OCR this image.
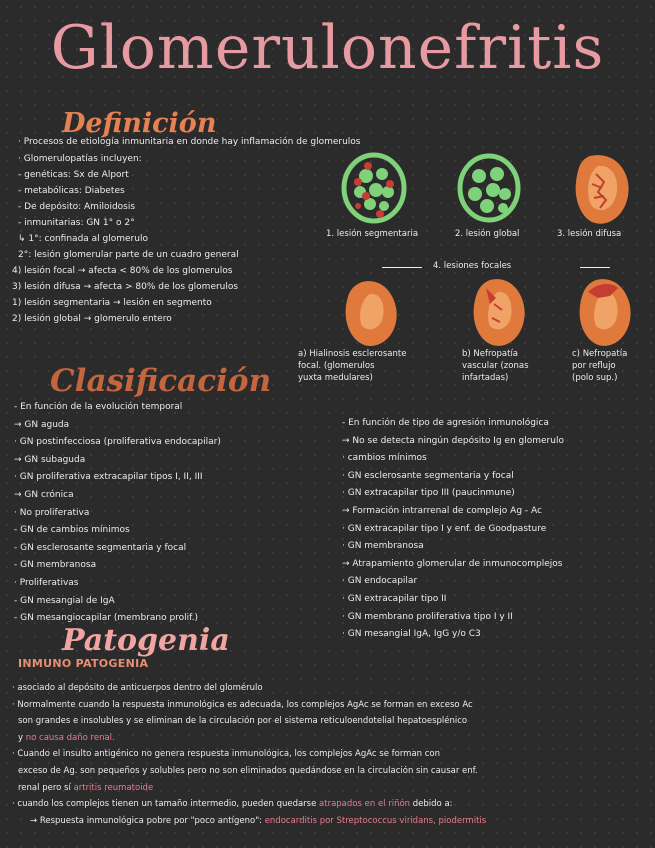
Glomerulonefritis
Definición
· Procesos de etiología inmunitaria en donde hay inflamación de glomerulos
· Glomerulopatías incluyen:
- genéticas: Sx de Alport
- metabólicas: Diabetes
- De depósito: Amiloidosis
- inmunitarias: GN 1° o 2°
↳ 1°: confinada al glomerulo
2°: lesión glomerular parte de un cuadro general
4) lesión focal → afecta < 80% de los glomerulos
3) lesión difusa → afecta > 80% de los glomerulos
1) lesión segmentaria → lesión en segmento
2) lesión global → glomerulo entero
1. lesión segmentaria	2. lesión global	3. lesión difusa
4. lesiones focales
a) Hialinosis esclerosante
focal. (glomerulos
yuxta medulares)
b) Nefropatía
vascular (zonas
infartadas)
c) Nefropatía
por reflujo
(polo sup.)
Clasificación
- En función de la evolución temporal
→ GN aguda
· GN postinfecciosa (proliferativa endocapilar)
→ GN subaguda
· GN proliferativa extracapilar tipos I, II, III
→ GN crónica
· No proliferativa
- GN de cambios mínimos
- GN esclerosante segmentaria y focal
- GN membranosa
· Proliferativas
- GN mesangial de IgA
- GN mesangiocapilar (membrano prolif.)
- En función de tipo de agresión inmunológica
→ No se detecta ningún depósito Ig en glomerulo
· cambios mínimos
· GN esclerosante segmentaria y focal
· GN extracapilar tipo III (paucinmune)
→ Formación intrarrenal de complejo Ag - Ac
· GN extracapilar tipo I y enf. de Goodpasture
· GN membranosa
→ Atrapamiento glomerular de inmunocomplejos
· GN endocapilar
· GN extracapilar tipo II
· GN membrano proliferativa tipo I y II
· GN mesangial IgA, IgG y/o C3
Patogenia
INMUNO PATOGENIA
· asociado al depósito de anticuerpos dentro del glomérulo
· Normalmente cuando la respuesta inmunológica es adecuada, los complejos AgAc se forman en exceso Ac
son grandes e insolubles y se eliminan de la circulación por el sistema reticuloendotelial hepatoesplénico
y no causa daño renal.
· Cuando el insulto antigénico no genera respuesta inmunológica, los complejos AgAc se forman con
exceso de Ag. son pequeños y solubles pero no son eliminados quedándose en la circulación sin causar enf.
renal pero sí artritis reumatoide
· cuando los complejos tienen un tamaño intermedio, pueden quedarse atrapados en el riñón debido a:
→ Respuesta inmunológica pobre por "poco antígeno": endocarditis por Streptococcus viridans, piodermitis
